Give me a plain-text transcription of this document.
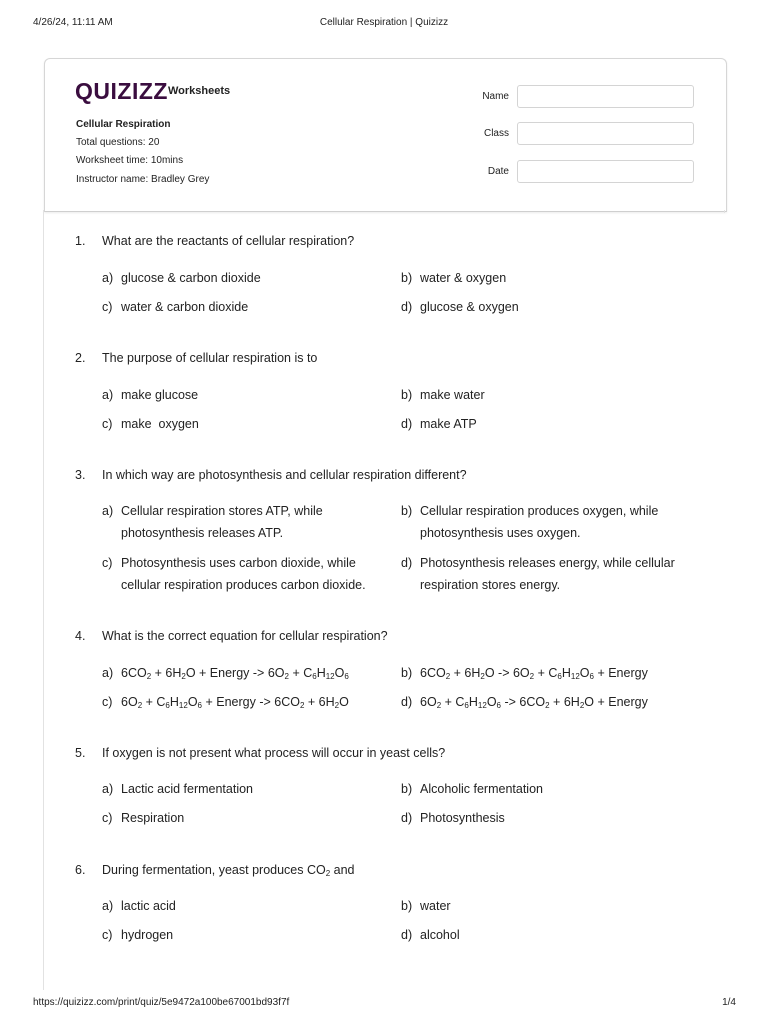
4/26/24, 11:11 AM	Cellular Respiration | Quizizz
https://quizizz.com/print/quiz/5e9472a100be67001bd93f7f	1/4
QUIZIZZ Worksheets
Cellular Respiration
Total questions: 20
Worksheet time: 10mins
Instructor name: Bradley Grey
Name
Class
Date
1. What are the reactants of cellular respiration?
a) glucose & carbon dioxide	b) water & oxygen
c) water & carbon dioxide	d) glucose & oxygen
2. The purpose of cellular respiration is to
a) make glucose	b) make water
c) make  oxygen	d) make ATP
3. In which way are photosynthesis and cellular respiration different?
a) Cellular respiration stores ATP, while photosynthesis releases ATP.
b) Cellular respiration produces oxygen, while photosynthesis uses oxygen.
c) Photosynthesis uses carbon dioxide, while cellular respiration produces carbon dioxide.
d) Photosynthesis releases energy, while cellular respiration stores energy.
4. What is the correct equation for cellular respiration?
a) $6CO_2 + 6H_2O$ + Energy -> $6O_2 + C_6H_{12}O_6$	b) $6CO_2 + 6H_2O -> 6O_2 + C_6H_{12}O_6$ + Energy
c) $6O_2 + C_6H_{12}O_6$ + Energy -> $6CO_2 + 6H_2O$	d) $6O_2 + C_6H_{12}O_6 -> 6CO_2 + 6H_2O$ + Energy
5. If oxygen is not present what process will occur in yeast cells?
a) Lactic acid fermentation	b) Alcoholic fermentation
c) Respiration	d) Photosynthesis
6. During fermentation, yeast produces $CO_2$ and
a) lactic acid	b) water
c) hydrogen	d) alcohol
